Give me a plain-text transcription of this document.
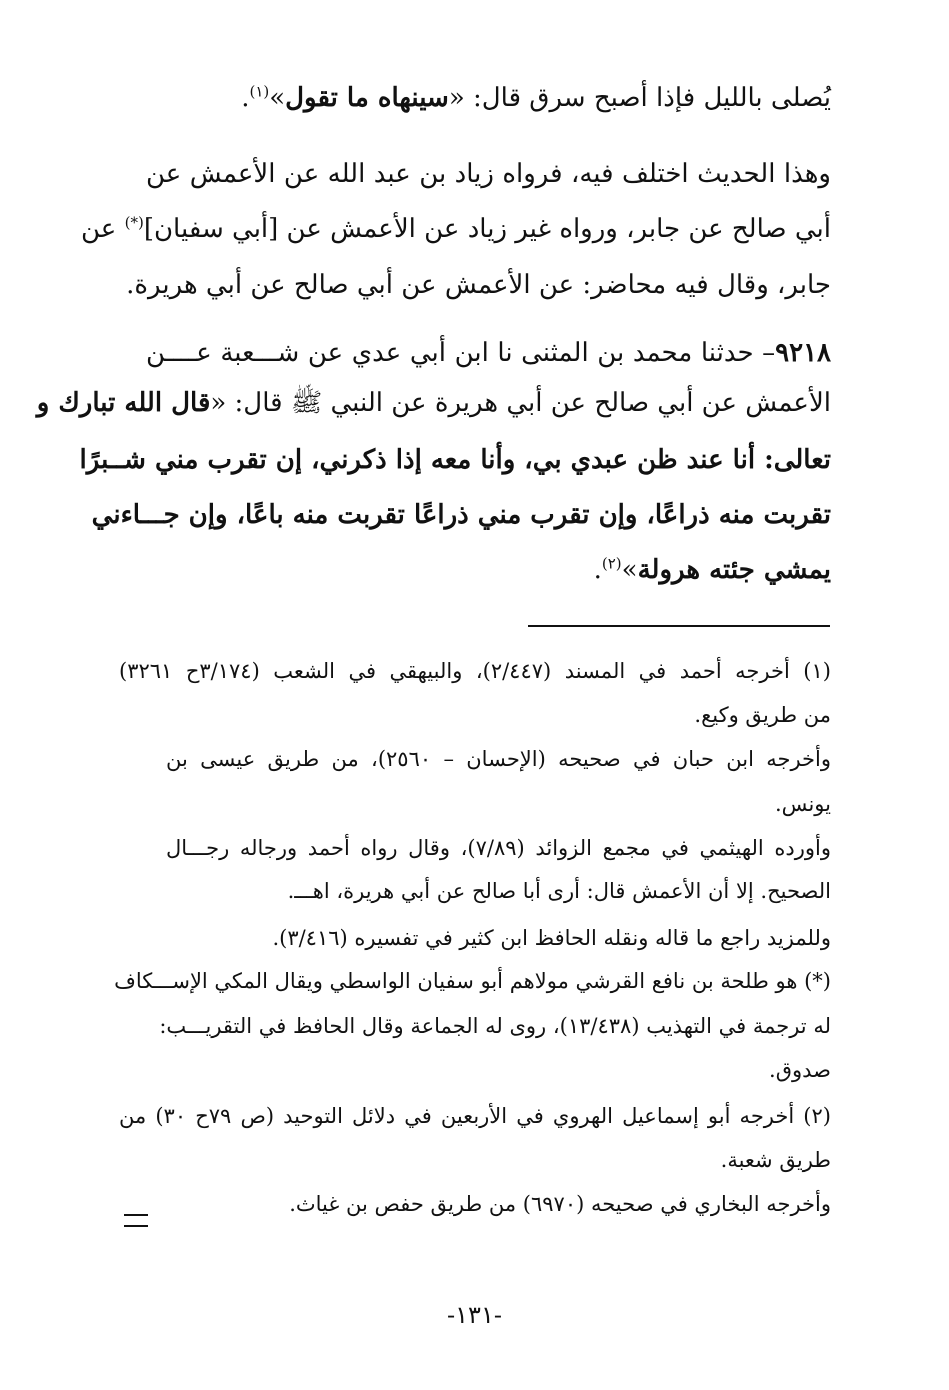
يُصلى بالليل فإذا أصبح سرق قال: «سينهاه ما تقول»$^{(١)}$.
وهذا الحديث اختلف فيه، فرواه زياد بن عبد الله عن الأعمش عن
أبي صالح عن جابر، ورواه غير زياد عن الأعمش عن [أبي سفيان](*) عن
جابر، وقال فيه محاضر: عن الأعمش عن أبي صالح عن أبي هريرة.
٩٢١٨– حدثنا محمد بن المثنى نا ابن أبي عدي عن شـــعبة عــــن
الأعمش عن أبي صالح عن أبي هريرة عن النبي ﷺ قال: «قال الله تبارك و
تعالى: أنا عند ظن عبدي بي، وأنا معه إذا ذكرني، إن تقرب مني شــبرًا
تقربت منه ذراعًا، وإن تقرب مني ذراعًا تقربت منه باعًا، وإن جـــاءني
يمشي جئته هرولة»$^{(٢)}$.
(١) أخرجه أحمد في المسند (٢/٤٤٧)، والبيهقي في الشعب (٣/١٧٤ح ٣٢٦١)
من طريق وكيع.
وأخرجه ابن حبان في صحيحه (الإحسان – ٢٥٦٠)، من طريق عيسى بن
يونس.
وأورده الهيثمي في مجمع الزوائد (٧/٨٩)، وقال رواه أحمد ورجاله رجـــال
الصحيح. إلا أن الأعمش قال: أرى أبا صالح عن أبي هريرة، اهـــ.
وللمزيد راجع ما قاله ونقله الحافظ ابن كثير في تفسيره (٣/٤١٦).
(*) هو طلحة بن نافع القرشي مولاهم أبو سفيان الواسطي ويقال المكي الإســـكاف
له ترجمة في التهذيب (١٣/٤٣٨)، روى له الجماعة وقال الحافظ في التقريـــب:
صدوق.
(٢) أخرجه أبو إسماعيل الهروي في الأربعين في دلائل التوحيد (ص ٧٩ح ٣٠) من
طريق شعبة.
وأخرجه البخاري في صحيحه (٦٩٧٠) من طريق حفص بن غياث.
-١٣١-
